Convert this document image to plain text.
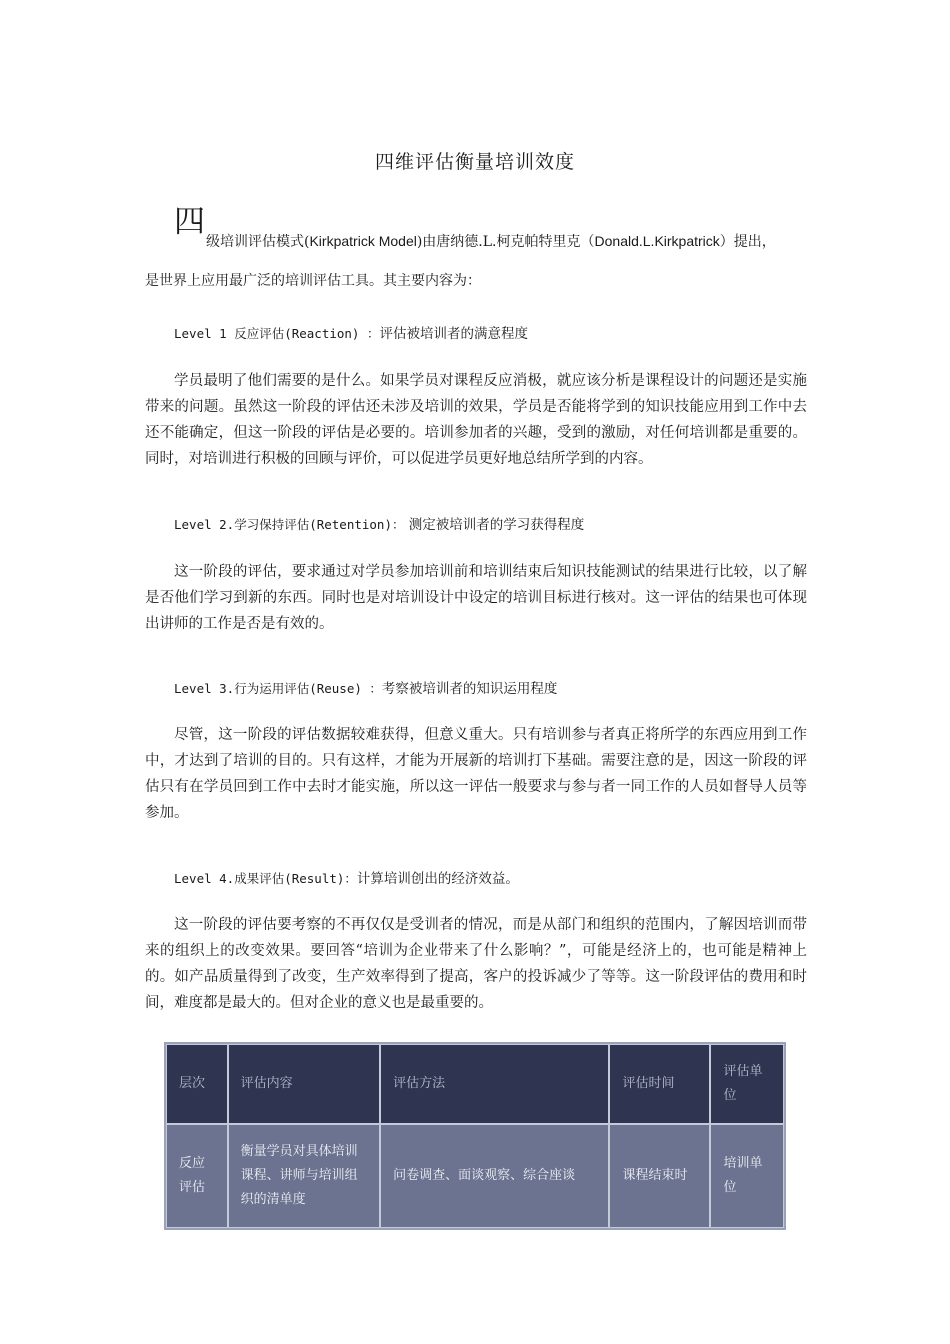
四维评估衡量培训效度
四
级培训评估模式(Kirkpatrick Model)由唐纳德.L.柯克帕特里克（Donald.L.Kirkpatrick）提出，
是世界上应用最广泛的培训评估工具。其主要内容为：
Level 1 反应评估(Reaction) ：评估被培训者的满意程度
学员最明了他们需要的是什么。如果学员对课程反应消极，就应该分析是课程设计的问题还是实施带来的问题。虽然这一阶段的评估还未涉及培训的效果，学员是否能将学到的知识技能应用到工作中去还不能确定，但这一阶段的评估是必要的。培训参加者的兴趣，受到的激励，对任何培训都是重要的。同时，对培训进行积极的回顾与评价，可以促进学员更好地总结所学到的内容。
Level 2.学习保持评估(Retention)： 测定被培训者的学习获得程度
这一阶段的评估，要求通过对学员参加培训前和培训结束后知识技能测试的结果进行比较，以了解是否他们学习到新的东西。同时也是对培训设计中设定的培训目标进行核对。这一评估的结果也可体现出讲师的工作是否是有效的。
Level 3.行为运用评估(Reuse) ：考察被培训者的知识运用程度
尽管，这一阶段的评估数据较难获得，但意义重大。只有培训参与者真正将所学的东西应用到工作中，才达到了培训的目的。只有这样，才能为开展新的培训打下基础。需要注意的是，因这一阶段的评估只有在学员回到工作中去时才能实施，所以这一评估一般要求与参与者一同工作的人员如督导人员等参加。
Level 4.成果评估(Result)：计算培训创出的经济效益。
这一阶段的评估要考察的不再仅仅是受训者的情况，而是从部门和组织的范围内，了解因培训而带来的组织上的改变效果。要回答“培训为企业带来了什么影响？”，可能是经济上的，也可能是精神上的。如产品质量得到了改变，生产效率得到了提高，客户的投诉减少了等等。这一阶段评估的费用和时间，难度都是最大的。但对企业的意义也是最重要的。
层次	评估内容	评估方法	评估时间	评估单位
反应评估	衡量学员对具体培训课程、讲师与培训组织的清单度	问卷调查、面谈观察、综合座谈	课程结束时	培训单位
